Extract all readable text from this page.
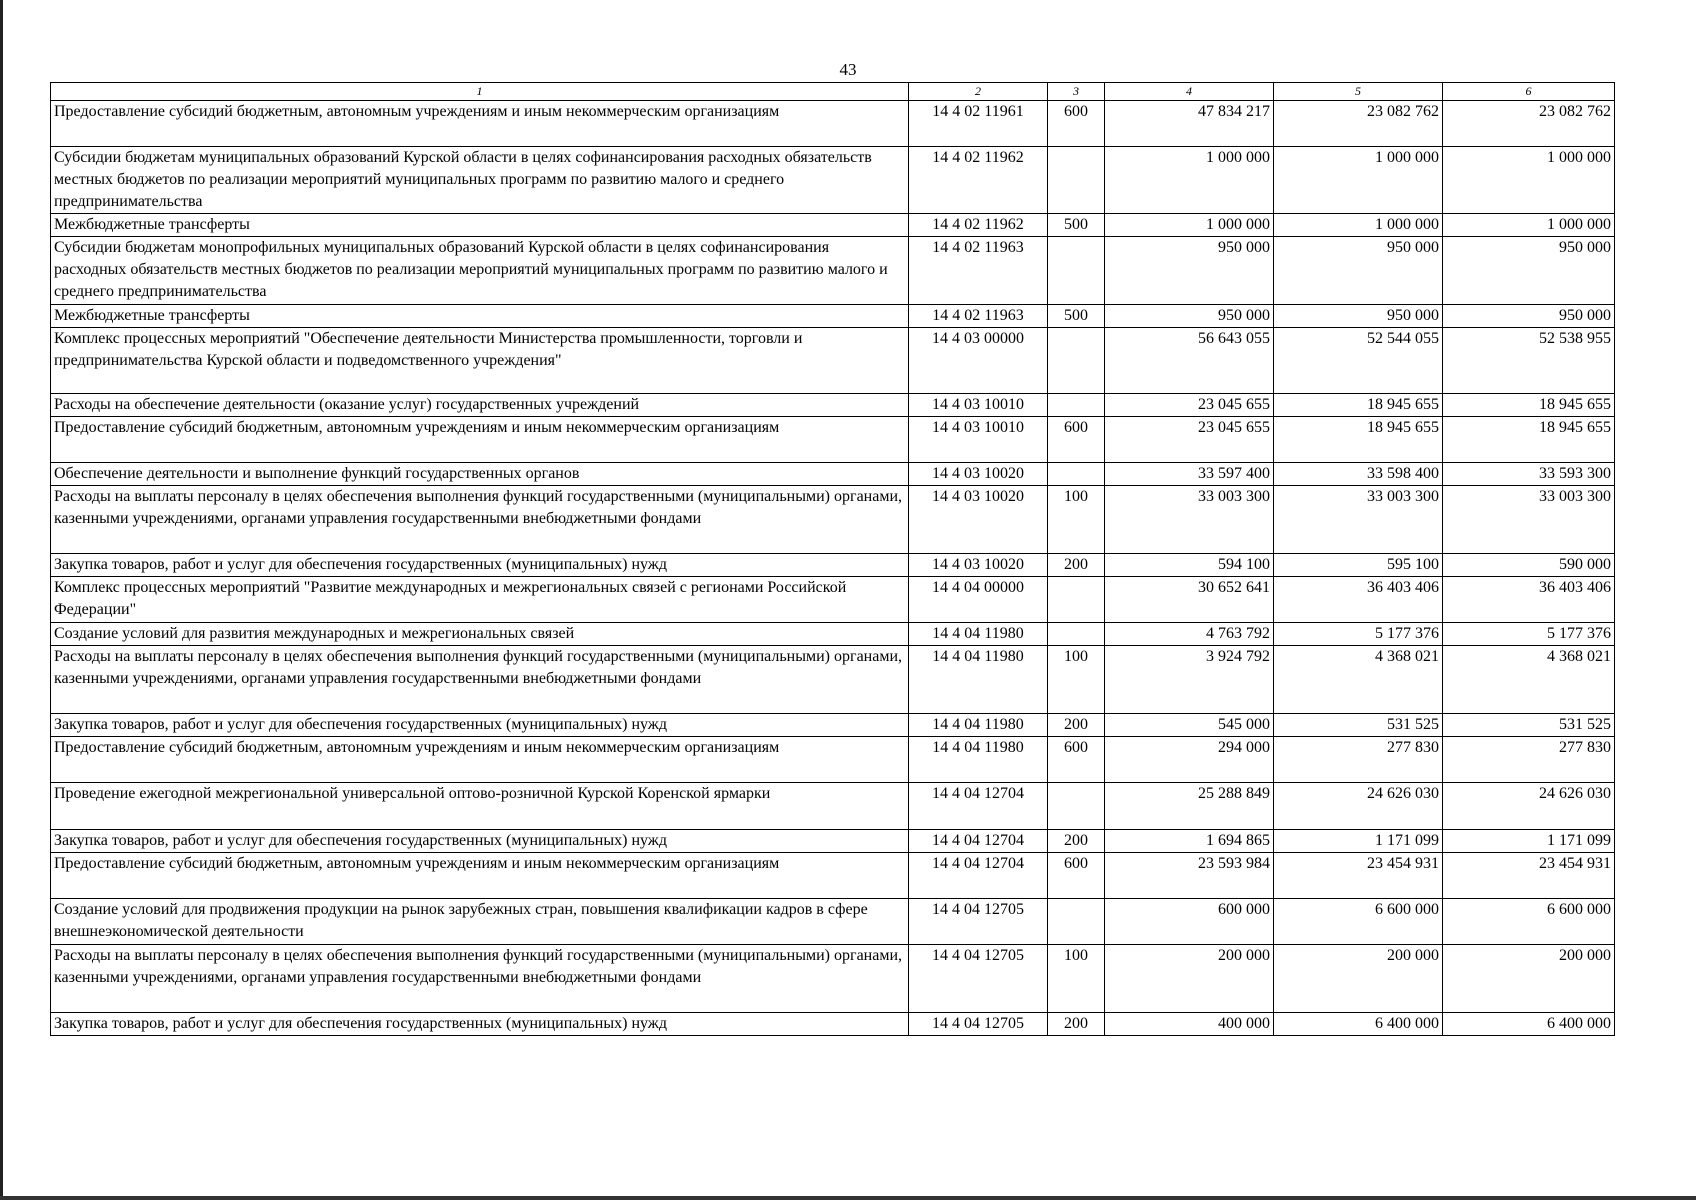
43
1	2	3	4	5	6
Предоставление субсидий бюджетным, автономным учреждениям и иным некоммерческим организациям	14 4 02 11961	600	47 834 217	23 082 762	23 082 762
Субсидии бюджетам муниципальных образований Курской области в целях софинансирования расходных обязательств местных бюджетов по реализации мероприятий муниципальных программ по развитию малого и среднего предпринимательства	14 4 02 11962		1 000 000	1 000 000	1 000 000
Межбюджетные трансферты	14 4 02 11962	500	1 000 000	1 000 000	1 000 000
Субсидии бюджетам монопрофильных муниципальных образований Курской области в целях софинансирования расходных обязательств местных бюджетов по реализации мероприятий муниципальных программ по развитию малого и среднего предпринимательства	14 4 02 11963		950 000	950 000	950 000
Межбюджетные трансферты	14 4 02 11963	500	950 000	950 000	950 000
Комплекс процессных мероприятий "Обеспечение деятельности Министерства промышленности, торговли и предпринимательства Курской области и подведомственного учреждения"	14 4 03 00000		56 643 055	52 544 055	52 538 955
Расходы на обеспечение деятельности (оказание услуг) государственных учреждений	14 4 03 10010		23 045 655	18 945 655	18 945 655
Предоставление субсидий бюджетным, автономным учреждениям и иным некоммерческим организациям	14 4 03 10010	600	23 045 655	18 945 655	18 945 655
Обеспечение деятельности и выполнение функций государственных органов	14 4 03 10020		33 597 400	33 598 400	33 593 300
Расходы на выплаты персоналу в целях обеспечения выполнения функций государственными (муниципальными) органами, казенными учреждениями, органами управления государственными внебюджетными фондами	14 4 03 10020	100	33 003 300	33 003 300	33 003 300
Закупка товаров, работ и услуг для обеспечения государственных (муниципальных) нужд	14 4 03 10020	200	594 100	595 100	590 000
Комплекс процессных мероприятий "Развитие международных и межрегиональных связей с регионами Российской Федерации"	14 4 04 00000		30 652 641	36 403 406	36 403 406
Создание условий для развития международных и межрегиональных связей	14 4 04 11980		4 763 792	5 177 376	5 177 376
Расходы на выплаты персоналу в целях обеспечения выполнения функций государственными (муниципальными) органами, казенными учреждениями, органами управления государственными внебюджетными фондами	14 4 04 11980	100	3 924 792	4 368 021	4 368 021
Закупка товаров, работ и услуг для обеспечения государственных (муниципальных) нужд	14 4 04 11980	200	545 000	531 525	531 525
Предоставление субсидий бюджетным, автономным учреждениям и иным некоммерческим организациям	14 4 04 11980	600	294 000	277 830	277 830
Проведение ежегодной межрегиональной универсальной оптово-розничной Курской Коренской ярмарки	14 4 04 12704		25 288 849	24 626 030	24 626 030
Закупка товаров, работ и услуг для обеспечения государственных (муниципальных) нужд	14 4 04 12704	200	1 694 865	1 171 099	1 171 099
Предоставление субсидий бюджетным, автономным учреждениям и иным некоммерческим организациям	14 4 04 12704	600	23 593 984	23 454 931	23 454 931
Создание условий для продвижения продукции на рынок зарубежных стран, повышения квалификации кадров в сфере внешнеэкономической деятельности	14 4 04 12705		600 000	6 600 000	6 600 000
Расходы на выплаты персоналу в целях обеспечения выполнения функций государственными (муниципальными) органами, казенными учреждениями, органами управления государственными внебюджетными фондами	14 4 04 12705	100	200 000	200 000	200 000
Закупка товаров, работ и услуг для обеспечения государственных (муниципальных) нужд	14 4 04 12705	200	400 000	6 400 000	6 400 000
